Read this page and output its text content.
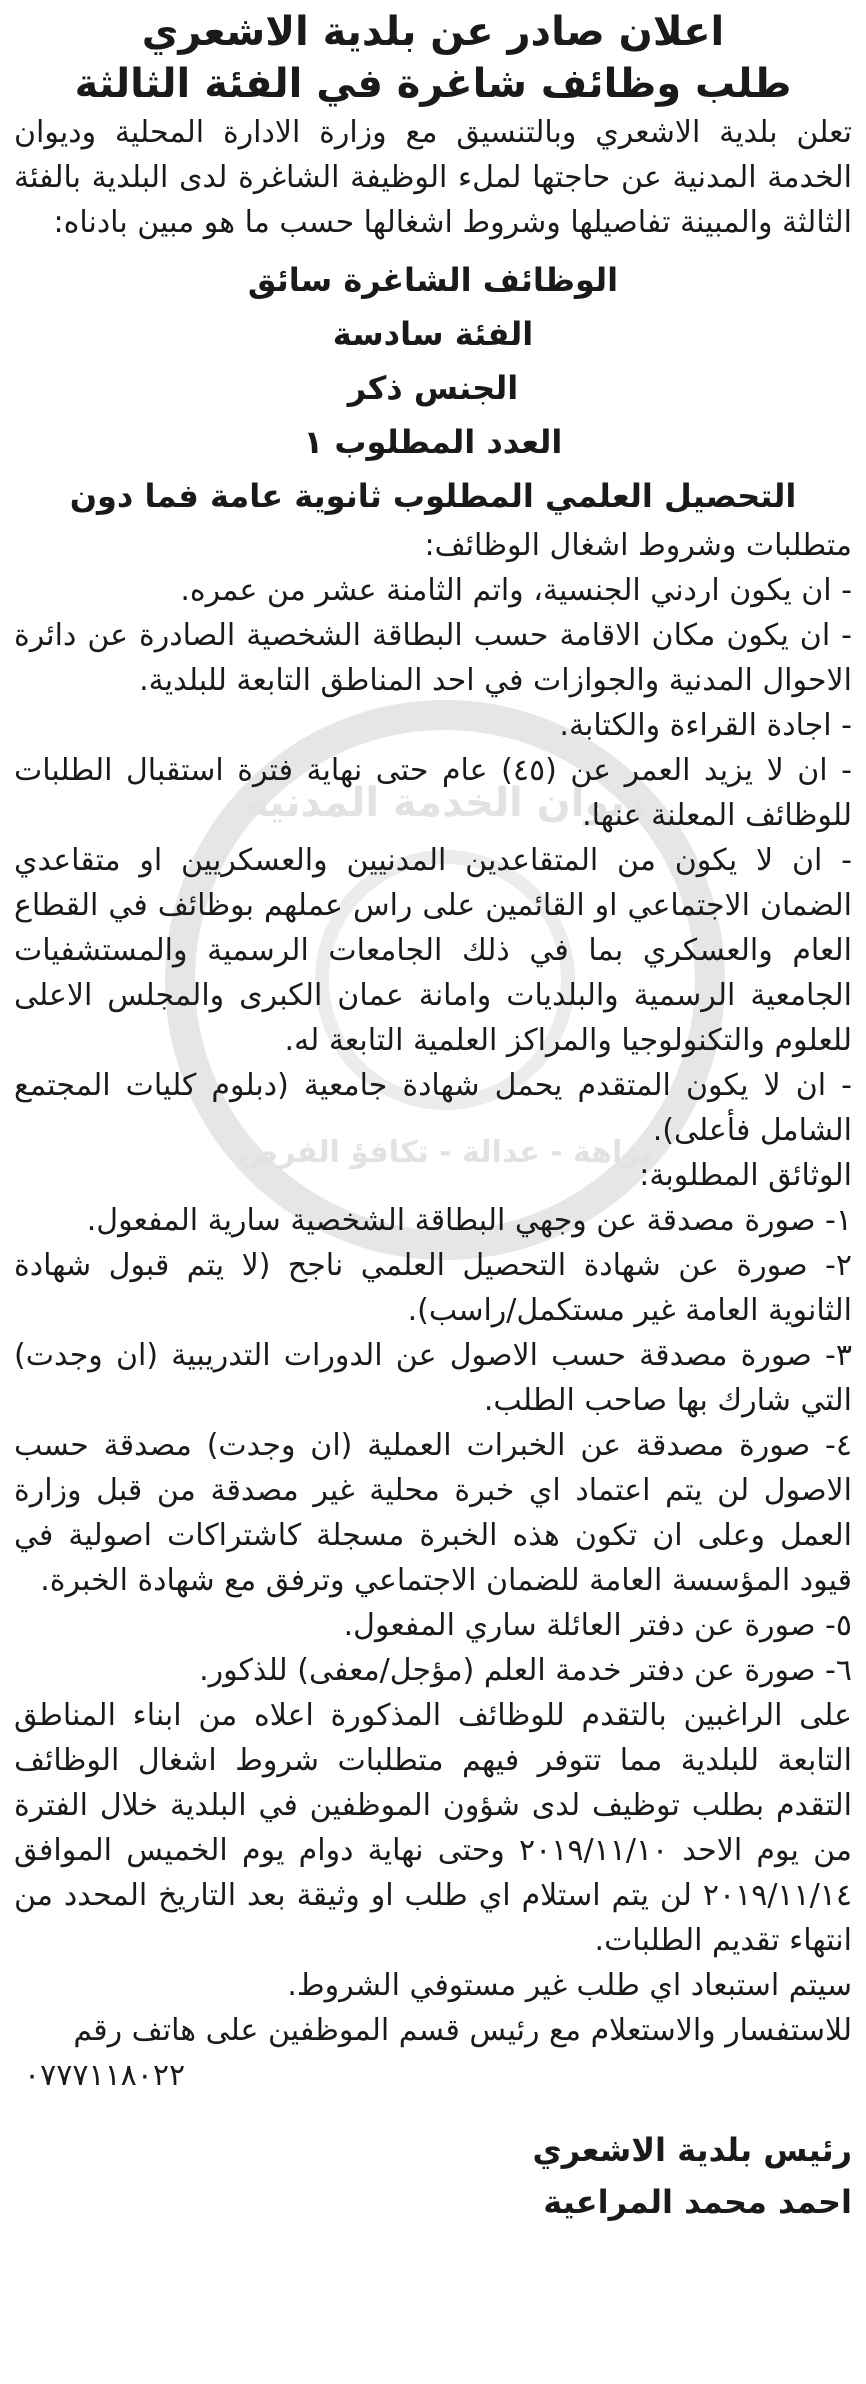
ديوان الخدمة المدنية
نزاهة - عدالة - تكافؤ الفرص

اعلان صادر عن بلدية الاشعري

طلب وظائف شاغرة في الفئة الثالثة

تعلن بلدية الاشعري وبالتنسيق مع وزارة الادارة المحلية وديوان الخدمة المدنية عن حاجتها لملء الوظيفة الشاغرة لدى البلدية بالفئة الثالثة والمبينة تفاصيلها وشروط اشغالها حسب ما هو مبين بادناه:

الوظائف الشاغرة سائق

الفئة سادسة

الجنس ذكر

العدد المطلوب ١

التحصيل العلمي المطلوب ثانوية عامة فما دون

متطلبات وشروط اشغال الوظائف:

- ان يكون اردني الجنسية، واتم الثامنة عشر من عمره.

- ان يكون مكان الاقامة حسب البطاقة الشخصية الصادرة عن دائرة الاحوال المدنية والجوازات في احد المناطق التابعة للبلدية.

- اجادة القراءة والكتابة.

- ان لا يزيد العمر عن (٤٥) عام حتى نهاية فترة استقبال الطلبات للوظائف المعلنة عنها.

- ان لا يكون من المتقاعدين المدنيين والعسكريين او متقاعدي الضمان الاجتماعي او القائمين على راس عملهم بوظائف في القطاع العام والعسكري بما في ذلك الجامعات الرسمية والمستشفيات الجامعية الرسمية والبلديات وامانة عمان الكبرى والمجلس الاعلى للعلوم والتكنولوجيا والمراكز العلمية التابعة له.

- ان لا يكون المتقدم يحمل شهادة جامعية (دبلوم كليات المجتمع الشامل فأعلى).

الوثائق المطلوبة:

١- صورة مصدقة عن وجهي البطاقة الشخصية سارية المفعول.

٢- صورة عن شهادة التحصيل العلمي ناجح (لا يتم قبول شهادة الثانوية العامة غير مستكمل/راسب).

٣- صورة مصدقة حسب الاصول عن الدورات التدريبية (ان وجدت) التي شارك بها صاحب الطلب.

٤- صورة مصدقة عن الخبرات العملية (ان وجدت) مصدقة حسب الاصول لن يتم اعتماد اي خبرة محلية غير مصدقة من قبل وزارة العمل وعلى ان تكون هذه الخبرة مسجلة كاشتراكات اصولية في قيود المؤسسة العامة للضمان الاجتماعي وترفق مع شهادة الخبرة.

٥- صورة عن دفتر العائلة ساري المفعول.

٦- صورة عن دفتر خدمة العلم (مؤجل/معفى) للذكور.

على الراغبين بالتقدم للوظائف المذكورة اعلاه من ابناء المناطق التابعة للبلدية مما تتوفر فيهم متطلبات شروط اشغال الوظائف التقدم بطلب توظيف لدى شؤون الموظفين في البلدية خلال الفترة من يوم الاحد ٢٠١٩/١١/١٠ وحتى نهاية دوام يوم الخميس الموافق ٢٠١٩/١١/١٤ لن يتم استلام اي طلب او وثيقة بعد التاريخ المحدد من انتهاء تقديم الطلبات.

سيتم استبعاد اي طلب غير مستوفي الشروط.

للاستفسار والاستعلام مع رئيس قسم الموظفين على هاتف رقم

٠٧٧٧١١٨٠٢٢

رئيس بلدية الاشعري

احمد محمد المراعية
